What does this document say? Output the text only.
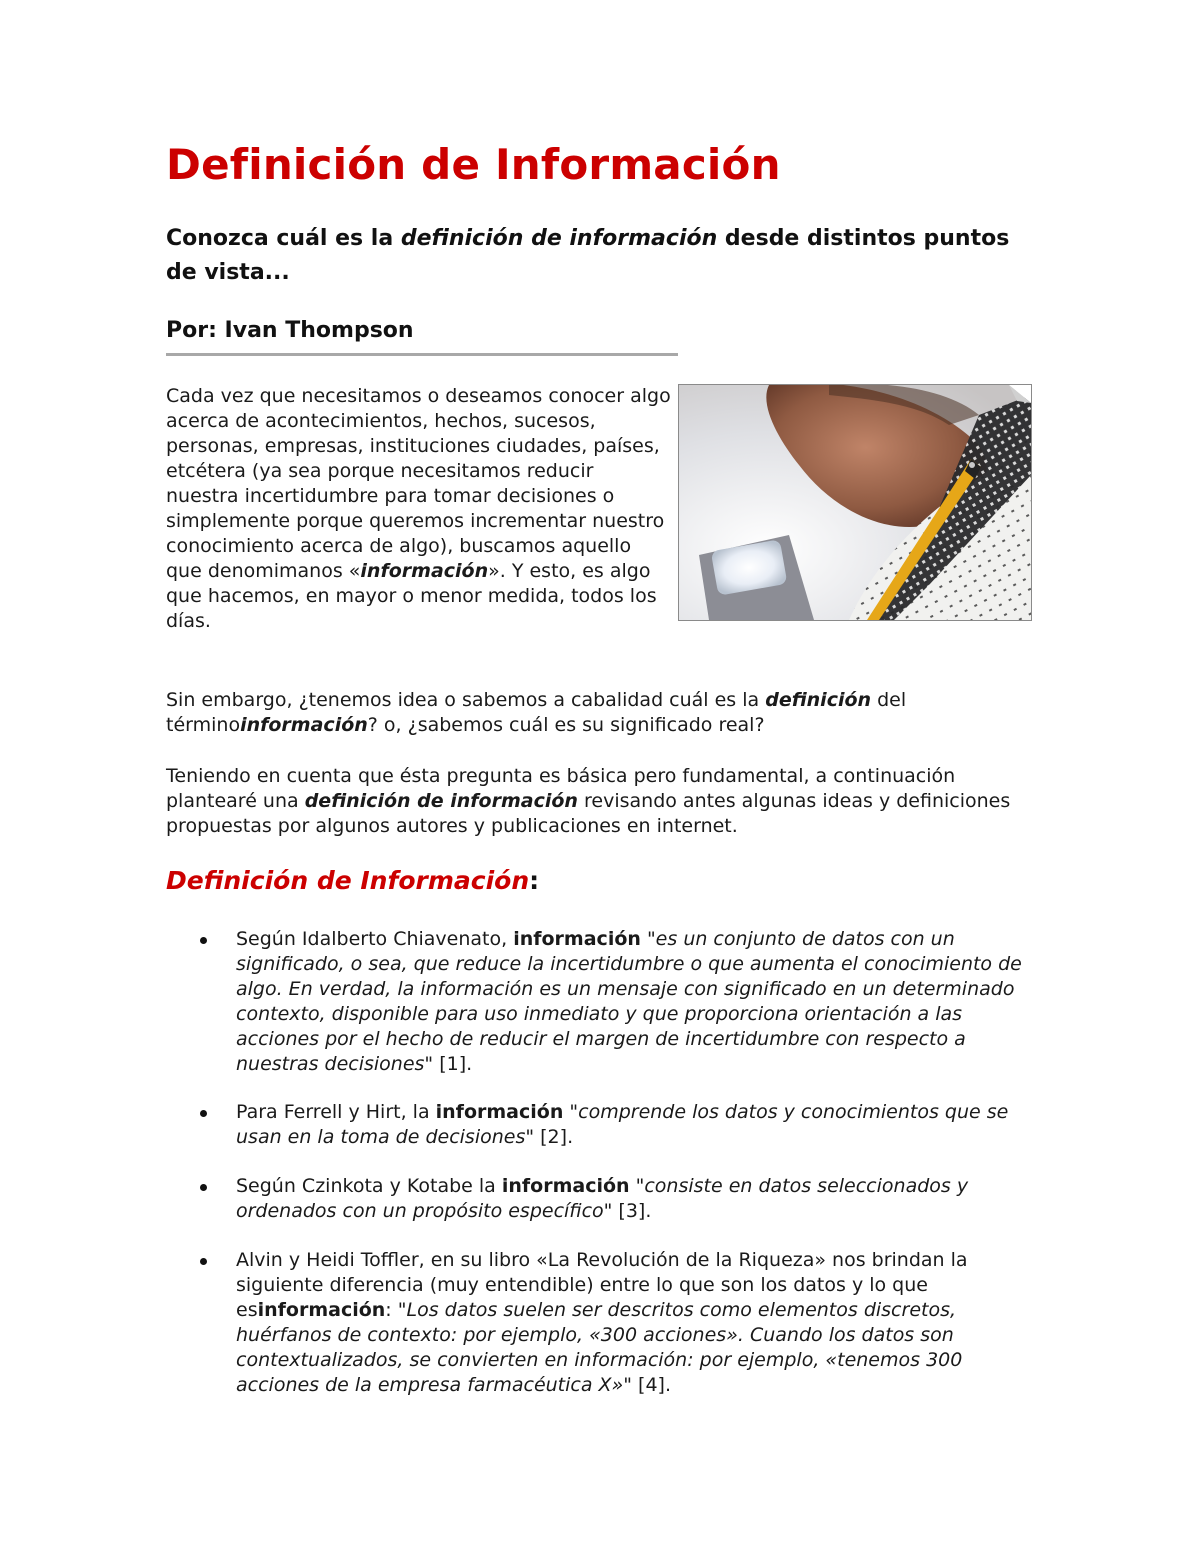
Definición de Información

Conozca cuál es la definición de información desde distintos puntos de vista...

Por: Ivan Thompson

Cada vez que necesitamos o deseamos conocer algo acerca de acontecimientos, hechos, sucesos, personas, empresas, instituciones ciudades, países, etcétera (ya sea porque necesitamos reducir nuestra incertidumbre para tomar decisiones o simplemente porque queremos incrementar nuestro conocimiento acerca de algo), buscamos aquello que denomimanos «información». Y esto, es algo que hacemos, en mayor o menor medida, todos los días.

Sin embargo, ¿tenemos idea o sabemos a cabalidad cuál es la definición del términoinformación? o, ¿sabemos cuál es su significado real?

Teniendo en cuenta que ésta pregunta es básica pero fundamental, a continuación plantearé una definición de información revisando antes algunas ideas y definiciones propuestas por algunos autores y publicaciones en internet.

Definición de Información:

Según Idalberto Chiavenato, información "es un conjunto de datos con un significado, o sea, que reduce la incertidumbre o que aumenta el conocimiento de algo. En verdad, la información es un mensaje con significado en un determinado contexto, disponible para uso inmediato y que proporciona orientación a las acciones por el hecho de reducir el margen de incertidumbre con respecto a nuestras decisiones" [1].

Para Ferrell y Hirt, la información "comprende los datos y conocimientos que se usan en la toma de decisiones" [2].

Según Czinkota y Kotabe la información "consiste en datos seleccionados y ordenados con un propósito específico" [3].

Alvin y Heidi Toffler, en su libro «La Revolución de la Riqueza» nos brindan la siguiente diferencia (muy entendible) entre lo que son los datos y lo que esinformación: "Los datos suelen ser descritos como elementos discretos, huérfanos de contexto: por ejemplo, «300 acciones». Cuando los datos son contextualizados, se convierten en información: por ejemplo, «tenemos 300 acciones de la empresa farmacéutica X»" [4].
